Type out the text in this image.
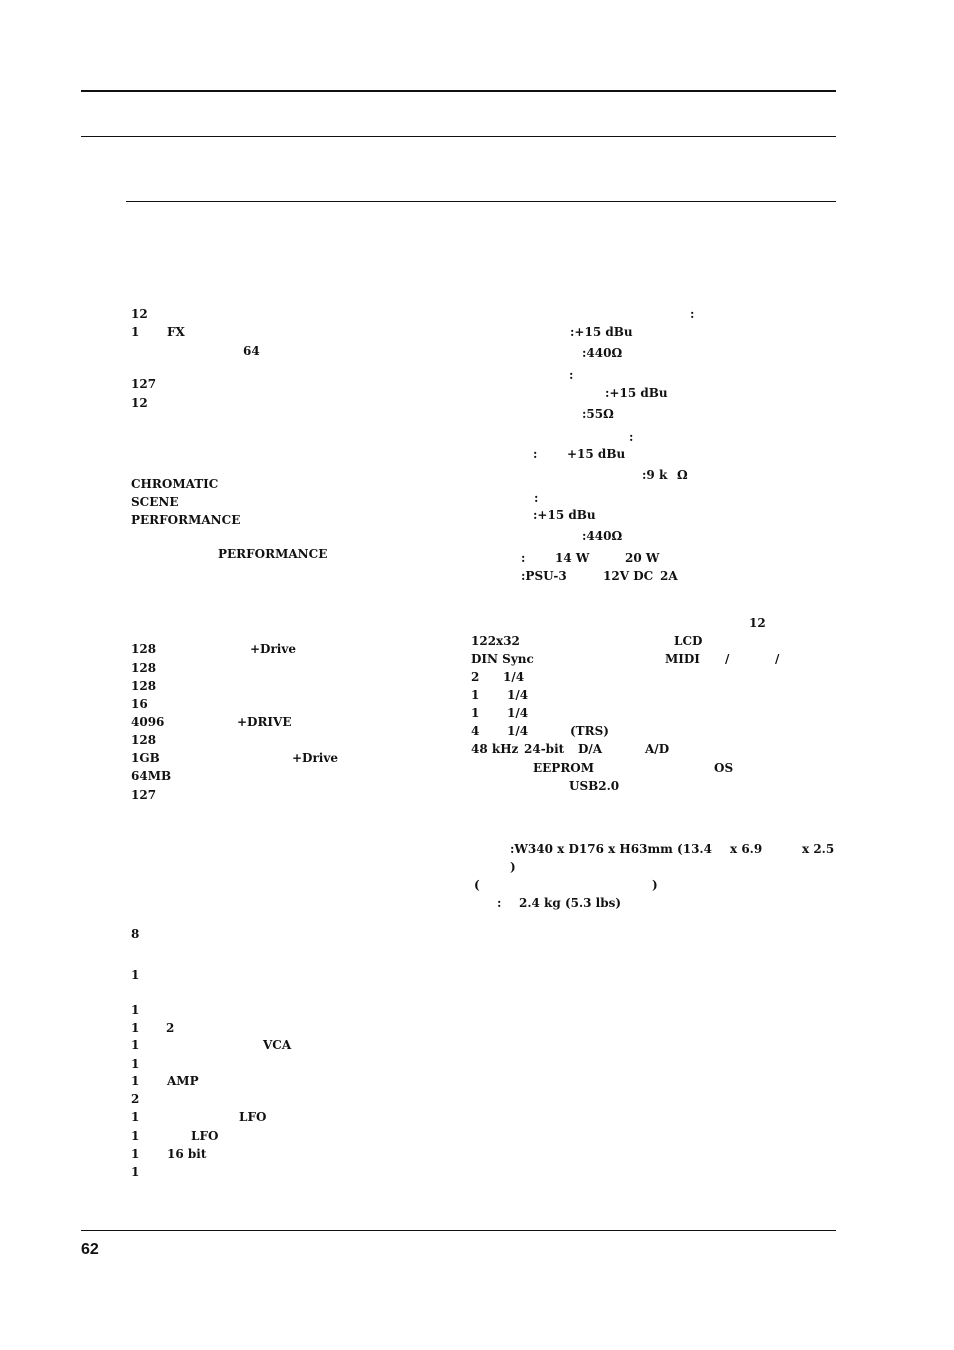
12
1 FX
64
127
12
CHROMATIC
SCENE
PERFORMANCE
PERFORMANCE
128	+Drive
128
128
16
4096	+DRIVE
128
1GB	+Drive
64MB
127
8
1
1
1 2
1	VCA
1
1 AMP
2
1	LFO
1	LFO
1 16 bit
1
:
:+15 dBu
:440Ω
:
:+15 dBu
:55Ω
:
: +15 dBu
:9 k Ω
:
:+15 dBu
:440Ω
: 14 W	20 W
:PSU-3	12V DC 2A
12
122x32	LCD
DIN Sync	MIDI /	/
2 1/4
1 1/4
1 1/4
4 1/4	(TRS)
48 kHz 24-bit D/A	A/D
EEPROM	OS
USB2.0
:W340 x D176 x H63mm (13.4 x 6.9	x 2.5
)
(	)
: 2.4 kg (5.3 lbs)
62
